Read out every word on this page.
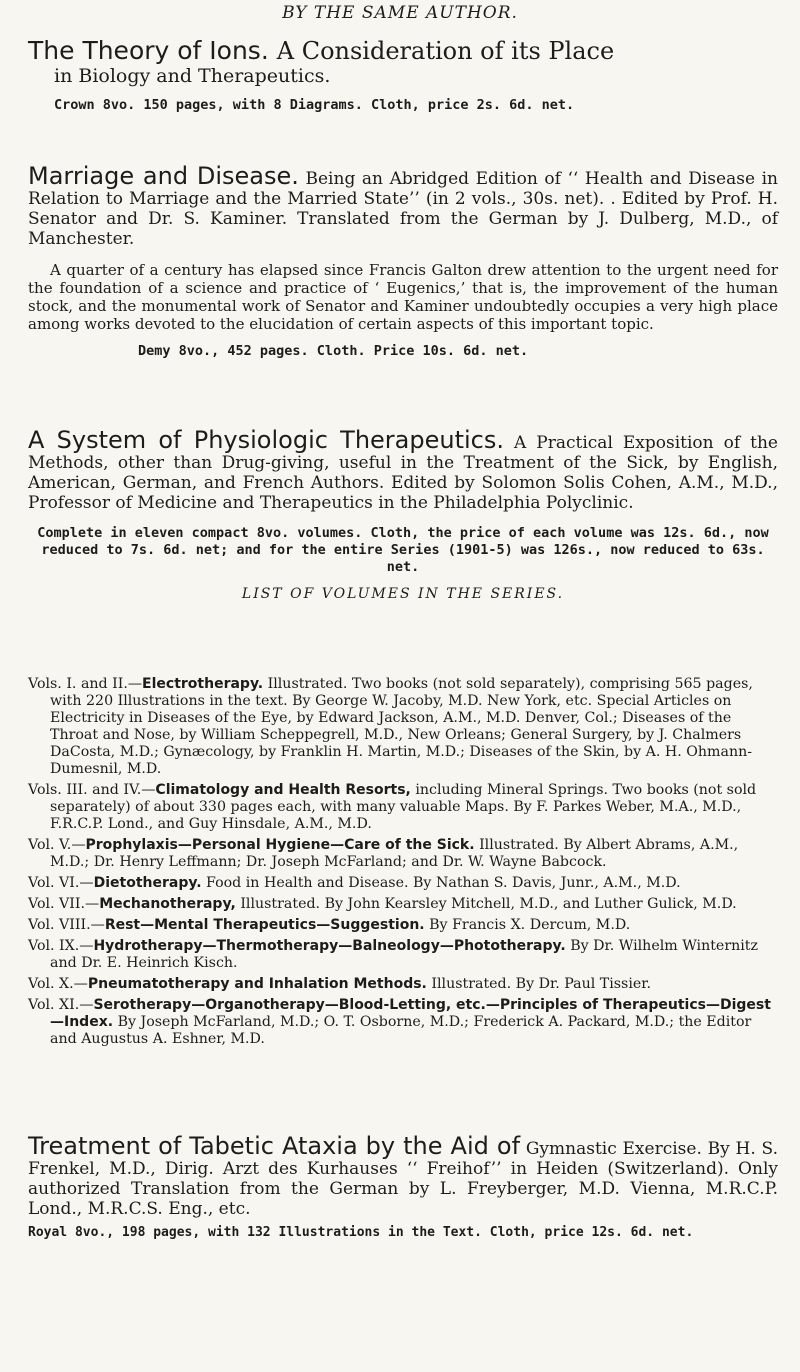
BY THE SAME AUTHOR.

The Theory of Ions. A Consideration of its Place

in Biology and Therapeutics.

Crown 8vo. 150 pages, with 8 Diagrams. Cloth, price 2s. 6d. net.

Marriage and Disease. Being an Abridged Edition of ‘‘ Health and Disease in Relation to Marriage and the Married State’’ (in 2 vols., 30s. net). . Edited by Prof. H. Senator and Dr. S. Kaminer. Translated from the German by J. Dulberg, M.D., of Manchester.

A quarter of a century has elapsed since Francis Galton drew attention to the urgent need for the foundation of a science and practice of ‘ Eugenics,’ that is, the improvement of the human stock, and the monumental work of Senator and Kaminer undoubtedly occupies a very high place among works devoted to the elucidation of certain aspects of this important topic.

Demy 8vo., 452 pages. Cloth. Price 10s. 6d. net.

A System of Physiologic Therapeutics. A Practical Exposition of the Methods, other than Drug-giving, useful in the Treatment of the Sick, by English, American, German, and French Authors. Edited by Solomon Solis Cohen, A.M., M.D., Professor of Medicine and Therapeutics in the Philadelphia Polyclinic.

Complete in eleven compact 8vo. volumes. Cloth, the price of each volume was 12s. 6d., now reduced to 7s. 6d. net; and for the entire Series (1901-5) was 126s., now reduced to 63s. net.

LIST OF VOLUMES IN THE SERIES.

Vols. I. and II.—Electrotherapy. Illustrated. Two books (not sold separately), comprising 565 pages, with 220 Illustrations in the text. By George W. Jacoby, M.D. New York, etc. Special Articles on Electricity in Diseases of the Eye, by Edward Jackson, A.M., M.D. Denver, Col.; Diseases of the Throat and Nose, by William Scheppegrell, M.D., New Orleans; General Surgery, by J. Chalmers DaCosta, M.D.; Gynæcology, by Franklin H. Martin, M.D.; Diseases of the Skin, by A. H. Ohmann-Dumesnil, M.D.

Vols. III. and IV.—Climatology and Health Resorts, including Mineral Springs. Two books (not sold separately) of about 330 pages each, with many valuable Maps. By F. Parkes Weber, M.A., M.D., F.R.C.P. Lond., and Guy Hinsdale, A.M., M.D.

Vol. V.—Prophylaxis—Personal Hygiene—Care of the Sick. Illustrated. By Albert Abrams, A.M., M.D.; Dr. Henry Leffmann; Dr. Joseph McFarland; and Dr. W. Wayne Babcock.

Vol. VI.—Dietotherapy. Food in Health and Disease. By Nathan S. Davis, Junr., A.M., M.D.

Vol. VII.—Mechanotherapy, Illustrated. By John Kearsley Mitchell, M.D., and Luther Gulick, M.D.

Vol. VIII.—Rest—Mental Therapeutics—Suggestion. By Francis X. Dercum, M.D.

Vol. IX.—Hydrotherapy—Thermotherapy—Balneology—Phototherapy. By Dr. Wilhelm Winternitz and Dr. E. Heinrich Kisch.

Vol. X.—Pneumatotherapy and Inhalation Methods. Illustrated. By Dr. Paul Tissier.

Vol. XI.—Serotherapy—Organotherapy—Blood-Letting, etc.—Principles of Therapeutics—Digest—Index. By Joseph McFarland, M.D.; O. T. Osborne, M.D.; Frederick A. Packard, M.D.; the Editor and Augustus A. Eshner, M.D.

Treatment of Tabetic Ataxia by the Aid of Gymnastic Exercise. By H. S. Frenkel, M.D., Dirig. Arzt des Kurhauses ‘‘ Freihof’’ in Heiden (Switzerland). Only authorized Translation from the German by L. Freyberger, M.D. Vienna, M.R.C.P. Lond., M.R.C.S. Eng., etc.

Royal 8vo., 198 pages, with 132 Illustrations in the Text. Cloth, price 12s. 6d. net.
